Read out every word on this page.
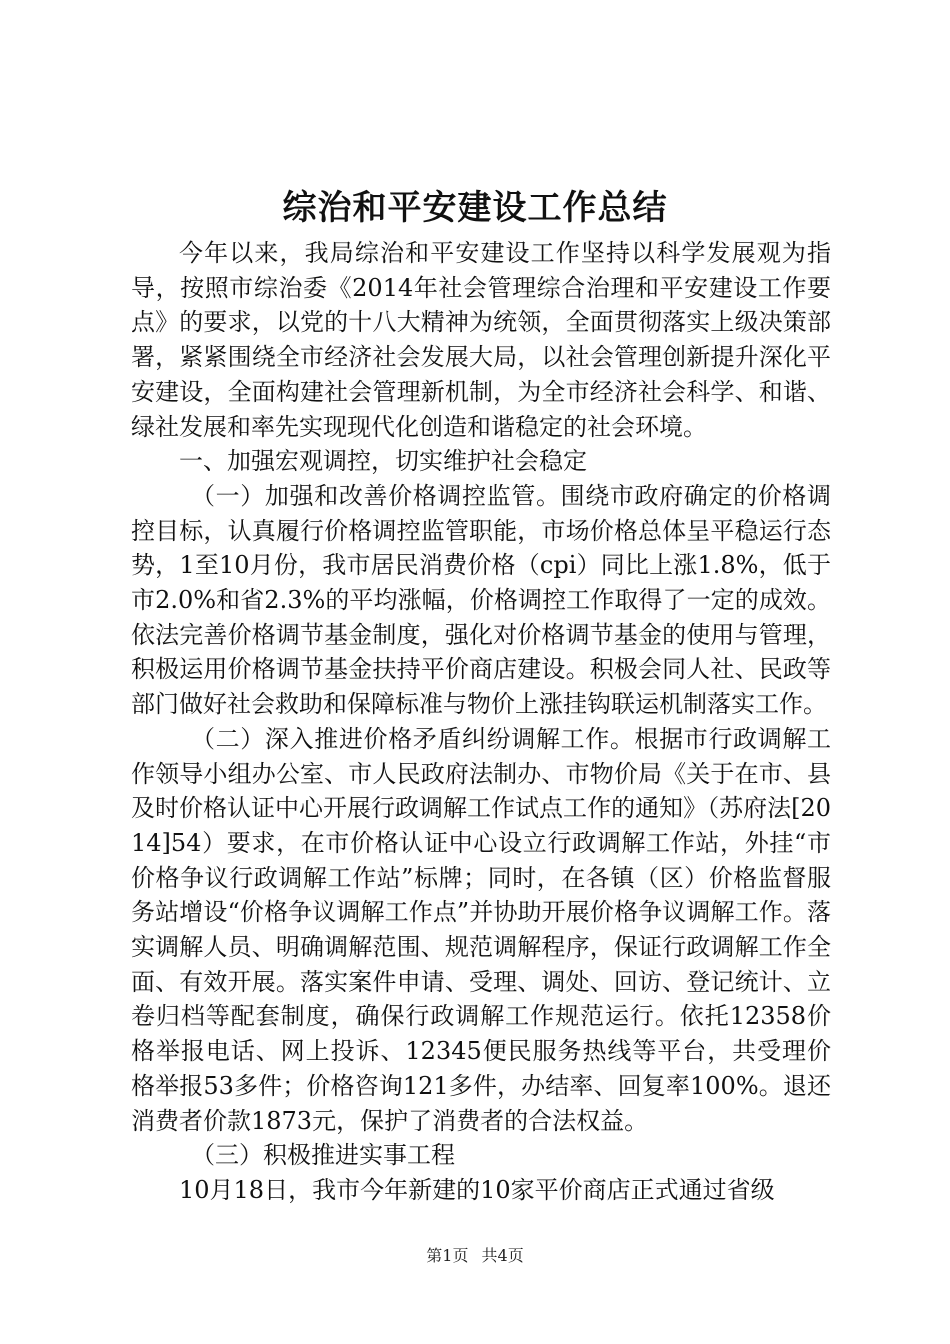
综治和平安建设工作总结

今年以来，我局综治和平安建设工作坚持以科学发展观为指导，按照市综治委《2014年社会管理综合治理和平安建设工作要点》的要求，以党的十八大精神为统领，全面贯彻落实上级决策部署，紧紧围绕全市经济社会发展大局，以社会管理创新提升深化平安建设，全面构建社会管理新机制，为全市经济社会科学、和谐、绿社发展和率先实现现代化创造和谐稳定的社会环境。

一、加强宏观调控，切实维护社会稳定

（一）加强和改善价格调控监管。围绕市政府确定的价格调控目标，认真履行价格调控监管职能，市场价格总体呈平稳运行态势，1至10月份，我市居民消费价格（cpi）同比上涨1.8%，低于市2.0%和省2.3%的平均涨幅，价格调控工作取得了一定的成效。依法完善价格调节基金制度，强化对价格调节基金的使用与管理，积极运用价格调节基金扶持平价商店建设。积极会同人社、民政等部门做好社会救助和保障标准与物价上涨挂钩联运机制落实工作。

（二）深入推进价格矛盾纠纷调解工作。根据市行政调解工作领导小组办公室、市人民政府法制办、市物价局《关于在市、县及时价格认证中心开展行政调解工作试点工作的通知》（苏府法[2014]54）要求，在市价格认证中心设立行政调解工作站，外挂“市价格争议行政调解工作站”标牌；同时，在各镇（区）价格监督服务站增设“价格争议调解工作点”并协助开展价格争议调解工作。落实调解人员、明确调解范围、规范调解程序，保证行政调解工作全面、有效开展。落实案件申请、受理、调处、回访、登记统计、立卷归档等配套制度，确保行政调解工作规范运行。依托12358价格举报电话、网上投诉、12345便民服务热线等平台，共受理价格举报53多件；价格咨询121多件，办结率、回复率100%。退还消费者价款1873元，保护了消费者的合法权益。

（三）积极推进实事工程

10月18日，我市今年新建的10家平价商店正式通过省级

第1页 共4页
